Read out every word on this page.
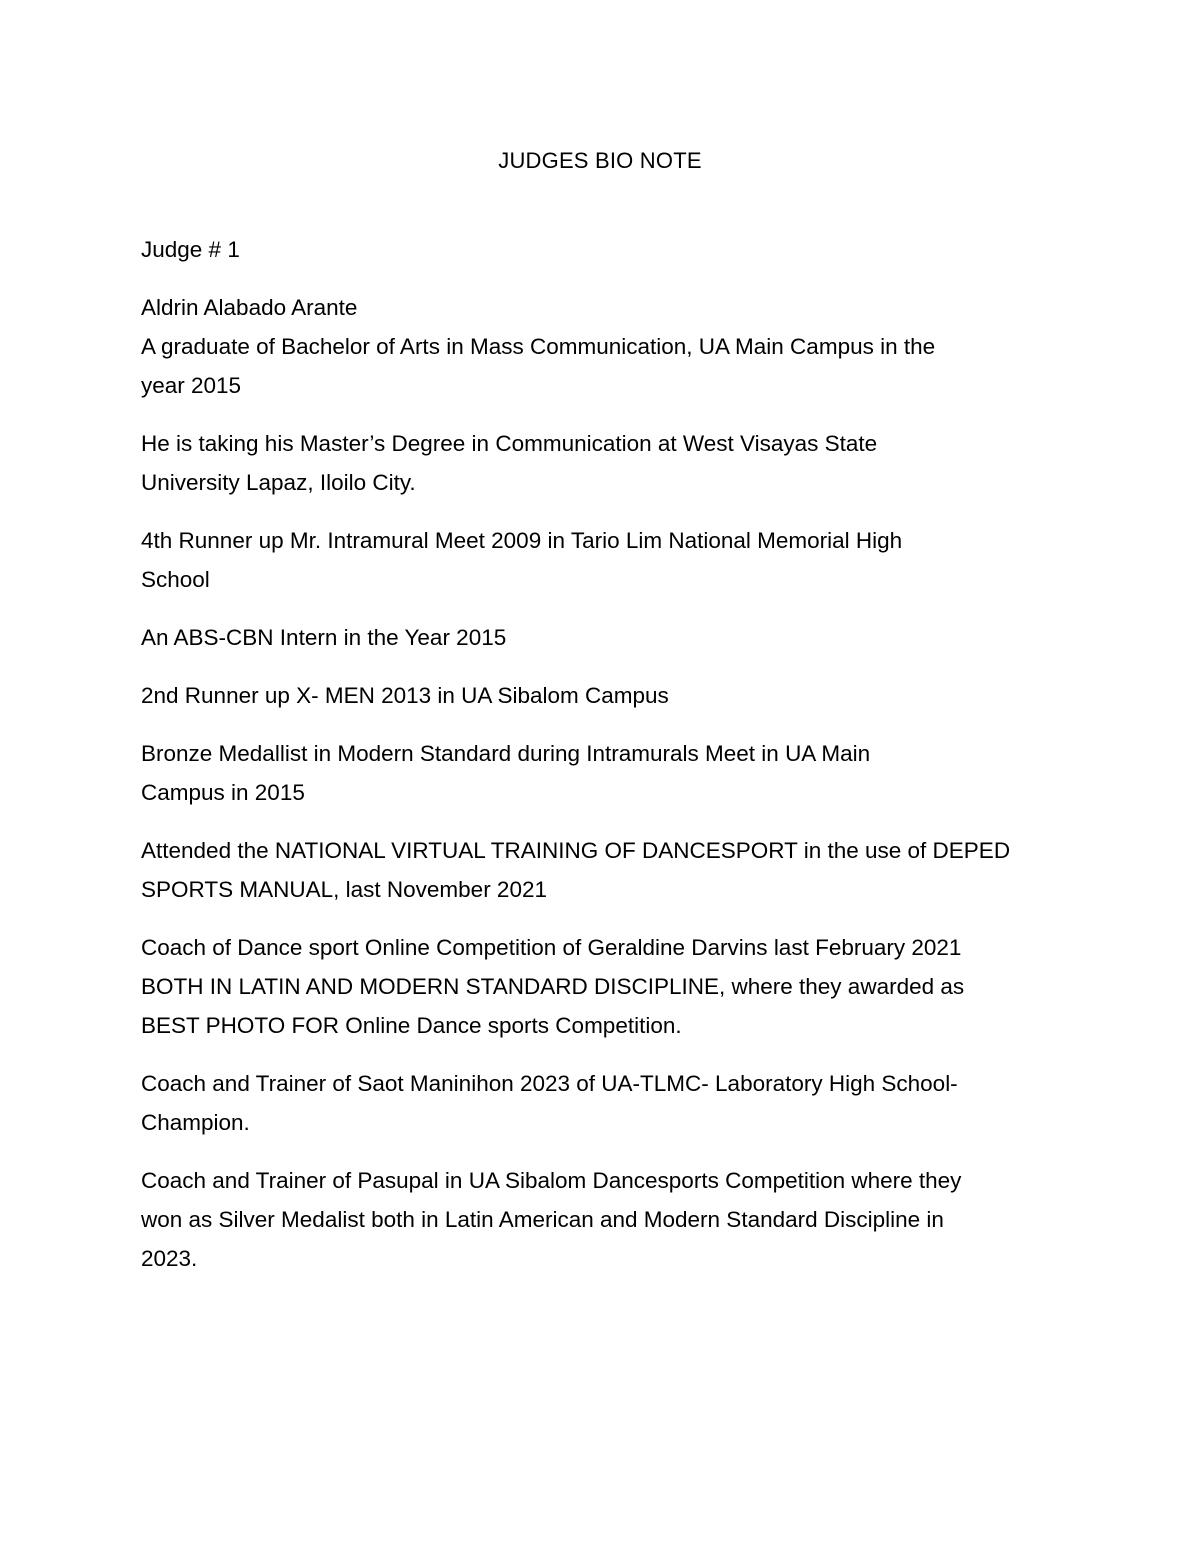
JUDGES BIO NOTE

Judge # 1

Aldrin Alabado Arante

A graduate of Bachelor of Arts in Mass Communication, UA Main Campus in the
year 2015

He is taking his Master’s Degree in Communication at West Visayas State
University Lapaz, Iloilo City.

4th Runner up Mr. Intramural Meet 2009 in Tario Lim National Memorial High
School

An ABS-CBN Intern in the Year 2015

2nd Runner up X- MEN 2013 in UA Sibalom Campus

Bronze Medallist in Modern Standard during Intramurals Meet in UA Main
Campus in 2015

Attended the NATIONAL VIRTUAL TRAINING OF DANCESPORT in the use of DEPED
SPORTS MANUAL, last November 2021

Coach of Dance sport Online Competition of Geraldine Darvins last February 2021
BOTH IN LATIN AND MODERN STANDARD DISCIPLINE, where they awarded as
BEST PHOTO FOR Online Dance sports Competition.

Coach and Trainer of Saot Maninihon 2023 of UA-TLMC- Laboratory High School-
Champion.

Coach and Trainer of Pasupal in UA Sibalom Dancesports Competition where they
won as Silver Medalist both in Latin American and Modern Standard Discipline in
2023.
